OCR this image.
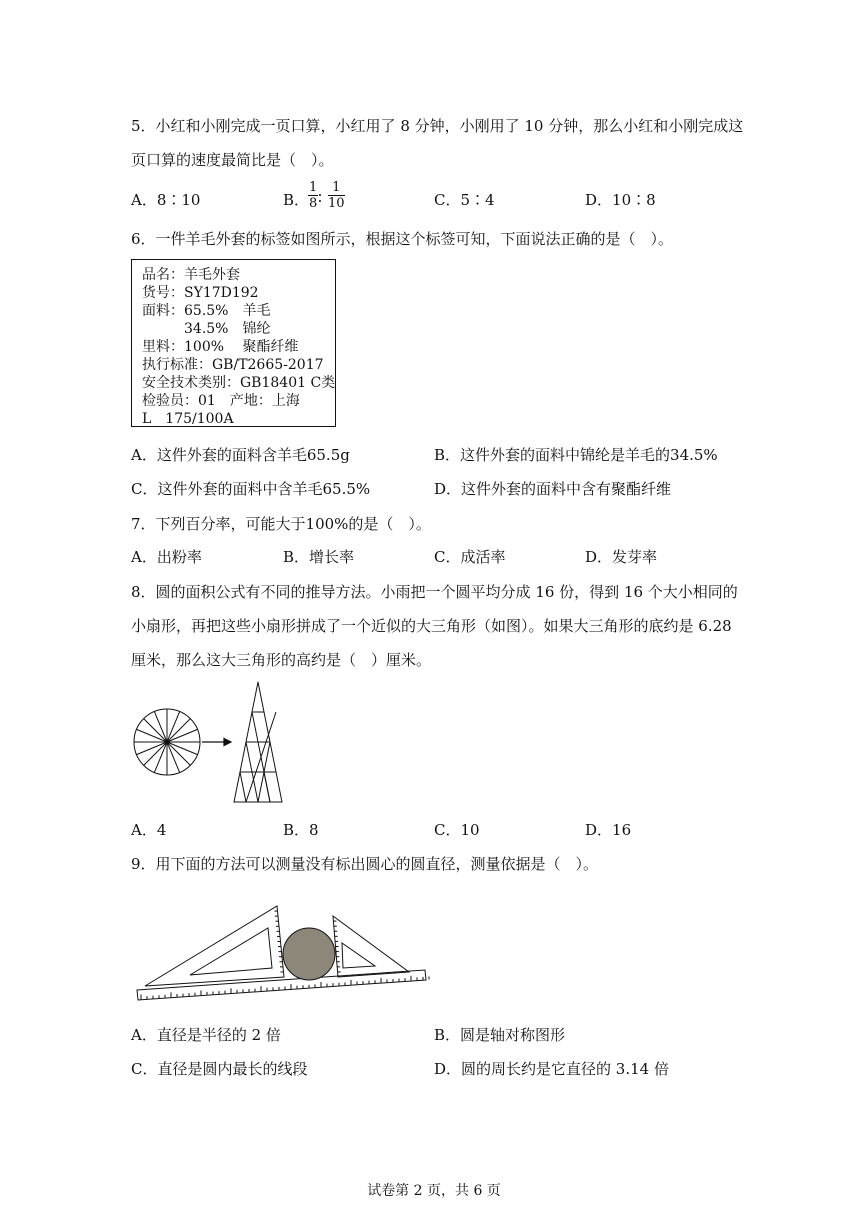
5．小红和小刚完成一页口算，小红用了 8 分钟，小刚用了 10 分钟，那么小红和小刚完成这
页口算的速度最简比是（　）。
A．8∶10	B．
$\frac{1}{8}$ ∶ $\frac{1}{10}$	C．5∶4	D．10∶8
6．一件羊毛外套的标签如图所示，根据这个标签可知，下面说法正确的是（　）。
品名：羊毛外套
货号：SY17D192
面料：65.5%　羊毛
　　　34.5%　锦纶
里料：100%　 聚酯纤维
执行标准：GB/T2665-2017
安全技术类别：GB18401 C类
检验员：01　产地：上海
L　175/100A
A．这件外套的面料含羊毛65.5g	B．这件外套的面料中锦纶是羊毛的34.5%
C．这件外套的面料中含羊毛65.5%	D．这件外套的面料中含有聚酯纤维
7．下列百分率，可能大于100%的是（　）。
A．出粉率	B．增长率	C．成活率	D．发芽率
8．圆的面积公式有不同的推导方法。小雨把一个圆平均分成 16 份，得到 16 个大小相同的
小扇形，再把这些小扇形拼成了一个近似的大三角形（如图）。如果大三角形的底约是 6.28
厘米，那么这大三角形的高约是（　）厘米。
A．4	B．8	C．10	D．16
9．用下面的方法可以测量没有标出圆心的圆直径，测量依据是（　）。
A．直径是半径的 2 倍	B．圆是轴对称图形
C．直径是圆内最长的线段	D．圆的周长约是它直径的 3.14 倍
试卷第 2 页，共 6 页
